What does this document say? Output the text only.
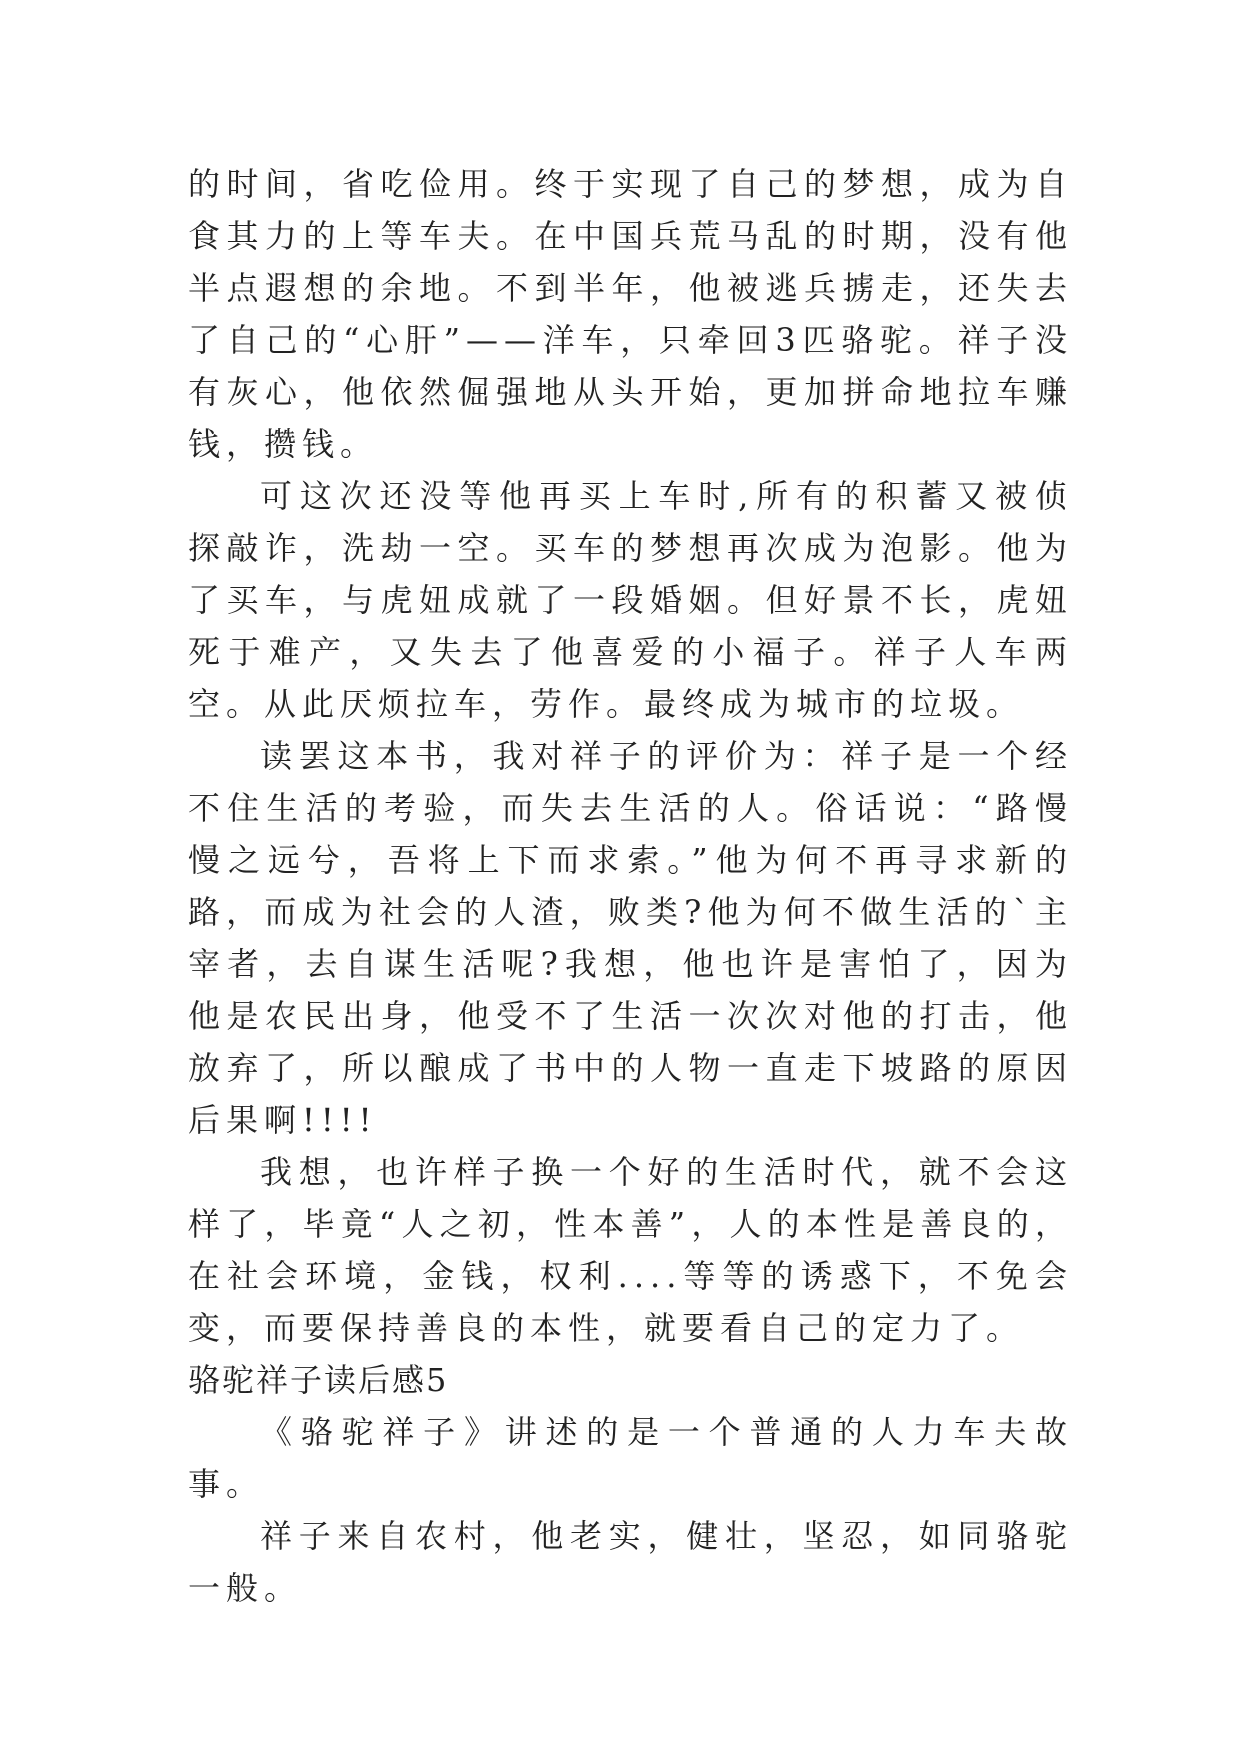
的时间，省吃俭用。终于实现了自己的梦想，成为自食其力的上等车夫。在中国兵荒马乱的时期，没有他半点遐想的余地。不到半年，他被逃兵掳走，还失去了自己的“心肝”——洋车，只牵回3匹骆驼。祥子没有灰心，他依然倔强地从头开始，更加拼命地拉车赚钱，攒钱。

可这次还没等他再买上车时,所有的积蓄又被侦探敲诈，洗劫一空。买车的梦想再次成为泡影。他为了买车，与虎妞成就了一段婚姻。但好景不长，虎妞死于难产，又失去了他喜爱的小福子。祥子人车两空。从此厌烦拉车，劳作。最终成为城市的垃圾。

读罢这本书，我对祥子的评价为：祥子是一个经不住生活的考验，而失去生活的人。俗话说：“路慢慢之远兮，吾将上下而求索。”他为何不再寻求新的路，而成为社会的人渣，败类?他为何不做生活的`主宰者，去自谋生活呢?我想，他也许是害怕了，因为他是农民出身，他受不了生活一次次对他的打击，他放弃了，所以酿成了书中的人物一直走下坡路的原因后果啊!!!!

我想，也许样子换一个好的生活时代，就不会这样了，毕竟“人之初，性本善”，人的本性是善良的，在社会环境，金钱，权利....等等的诱惑下，不免会变，而要保持善良的本性，就要看自己的定力了。

骆驼祥子读后感5

《骆驼祥子》讲述的是一个普通的人力车夫故事。

祥子来自农村，他老实，健壮，坚忍，如同骆驼一般。
